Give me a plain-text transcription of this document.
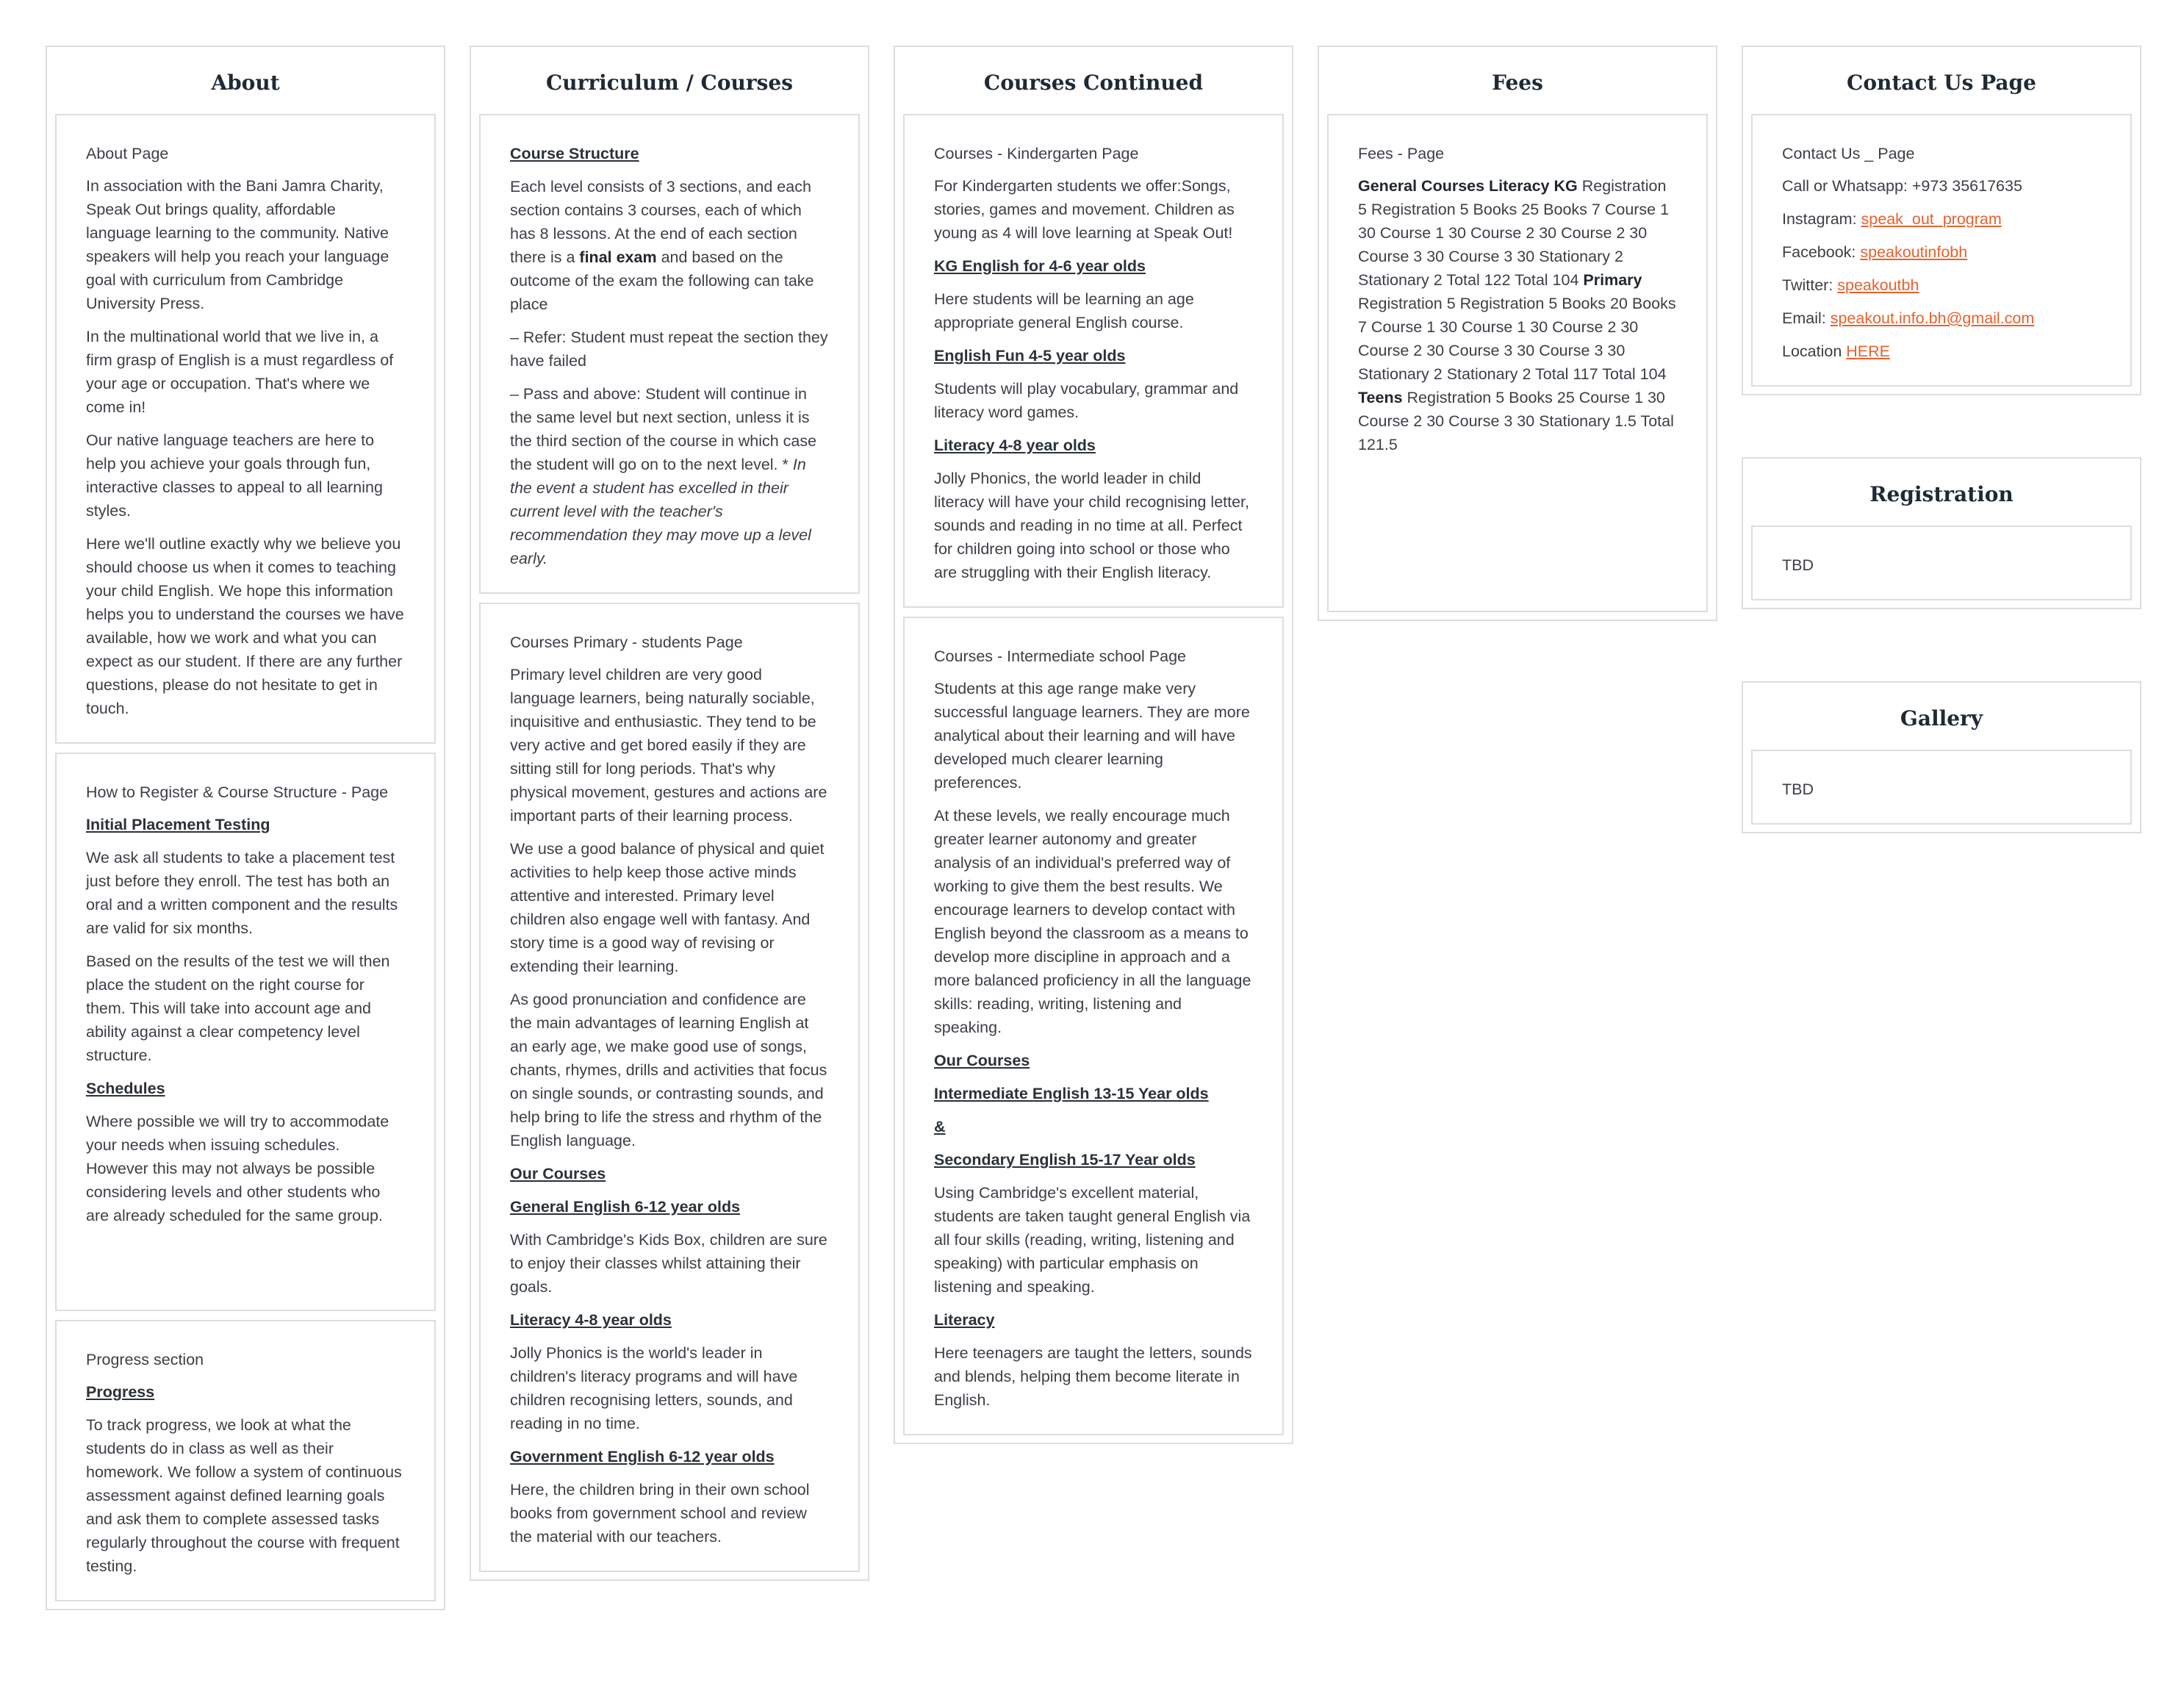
About

About Page

In association with the Bani Jamra Charity, Speak Out brings quality, affordable language learning to the community. Native speakers will help you reach your language goal with curriculum from Cambridge University Press.

In the multinational world that we live in, a firm grasp of English is a must regardless of your age or occupation. That's where we come in!

Our native language teachers are here to help you achieve your goals through fun, interactive classes to appeal to all learning styles.

Here we'll outline exactly why we believe you should choose us when it comes to teaching your child English. We hope this information helps you to understand the courses we have available, how we work and what you can expect as our student. If there are any further questions, please do not hesitate to get in touch.

How to Register & Course Structure - Page

Initial Placement Testing

We ask all students to take a placement test just before they enroll. The test has both an oral and a written component and the results are valid for six months.

Based on the results of the test we will then place the student on the right course for them. This will take into account age and ability against a clear competency level structure.

Schedules

Where possible we will try to accommodate your needs when issuing schedules. However this may not always be possible considering levels and other students who are already scheduled for the same group.

Progress section

Progress

To track progress, we look at what the students do in class as well as their homework. We follow a system of continuous assessment against defined learning goals and ask them to complete assessed tasks regularly throughout the course with frequent testing.

Curriculum / Courses

Course Structure

Each level consists of 3 sections, and each section contains 3 courses, each of which has 8 lessons. At the end of each section there is a final exam and based on the outcome of the exam the following can take place

– Refer: Student must repeat the section they have failed

– Pass and above: Student will continue in the same level but next section, unless it is the third section of the course in which case the student will go on to the next level. * In the event a student has excelled in their current level with the teacher's recommendation they may move up a level early.

Courses Primary - students Page

Primary level children are very good language learners, being naturally sociable, inquisitive and enthusiastic. They tend to be very active and get bored easily if they are sitting still for long periods. That's why physical movement, gestures and actions are important parts of their learning process.

We use a good balance of physical and quiet activities to help keep those active minds attentive and interested. Primary level children also engage well with fantasy. And story time is a good way of revising or extending their learning.

As good pronunciation and confidence are the main advantages of learning English at an early age, we make good use of songs, chants, rhymes, drills and activities that focus on single sounds, or contrasting sounds, and help bring to life the stress and rhythm of the English language.

Our Courses

General English 6-12 year olds

With Cambridge's Kids Box, children are sure to enjoy their classes whilst attaining their goals.

Literacy 4-8 year olds

Jolly Phonics is the world's leader in children's literacy programs and will have children recognising letters, sounds, and reading in no time.

Government English 6-12 year olds

Here, the children bring in their own school books from government school and review the material with our teachers.

Courses Continued

Courses - Kindergarten Page

For Kindergarten students we offer:Songs, stories, games and movement. Children as young as 4 will love learning at Speak Out!

KG English for 4-6 year olds

Here students will be learning an age appropriate general English course.

English Fun 4-5 year olds

Students will play vocabulary, grammar and literacy word games.

Literacy 4-8 year olds

Jolly Phonics, the world leader in child literacy will have your child recognising letter, sounds and reading in no time at all. Perfect for children going into school or those who are struggling with their English literacy.

Courses - Intermediate school Page

Students at this age range make very successful language learners. They are more analytical about their learning and will have developed much clearer learning preferences.

At these levels, we really encourage much greater learner autonomy and greater analysis of an individual's preferred way of working to give them the best results. We encourage learners to develop contact with English beyond the classroom as a means to develop more discipline in approach and a more balanced proficiency in all the language skills: reading, writing, listening and speaking.

Our Courses

Intermediate English 13-15 Year olds

&

Secondary English 15-17 Year olds

Using Cambridge's excellent material, students are taken taught general English via all four skills (reading, writing, listening and speaking) with particular emphasis on listening and speaking.

Literacy

Here teenagers are taught the letters, sounds and blends, helping them become literate in English.

Fees

Fees - Page

General Courses Literacy KG Registration 5 Registration 5 Books 25 Books 7 Course 1 30 Course 1 30 Course 2 30 Course 2 30 Course 3 30 Course 3 30 Stationary 2 Stationary 2 Total 122 Total 104 Primary Registration 5 Registration 5 Books 20 Books 7 Course 1 30 Course 1 30 Course 2 30 Course 2 30 Course 3 30 Course 3 30 Stationary 2 Stationary 2 Total 117 Total 104 Teens Registration 5 Books 25 Course 1 30 Course 2 30 Course 3 30 Stationary 1.5 Total 121.5

Contact Us Page

Contact Us _ Page

Call or Whatsapp: +973 35617635

Instagram: speak_out_program

Facebook: speakoutinfobh

Twitter: speakoutbh

Email: speakout.info.bh@gmail.com

Location HERE

Registration

TBD

Gallery

TBD
